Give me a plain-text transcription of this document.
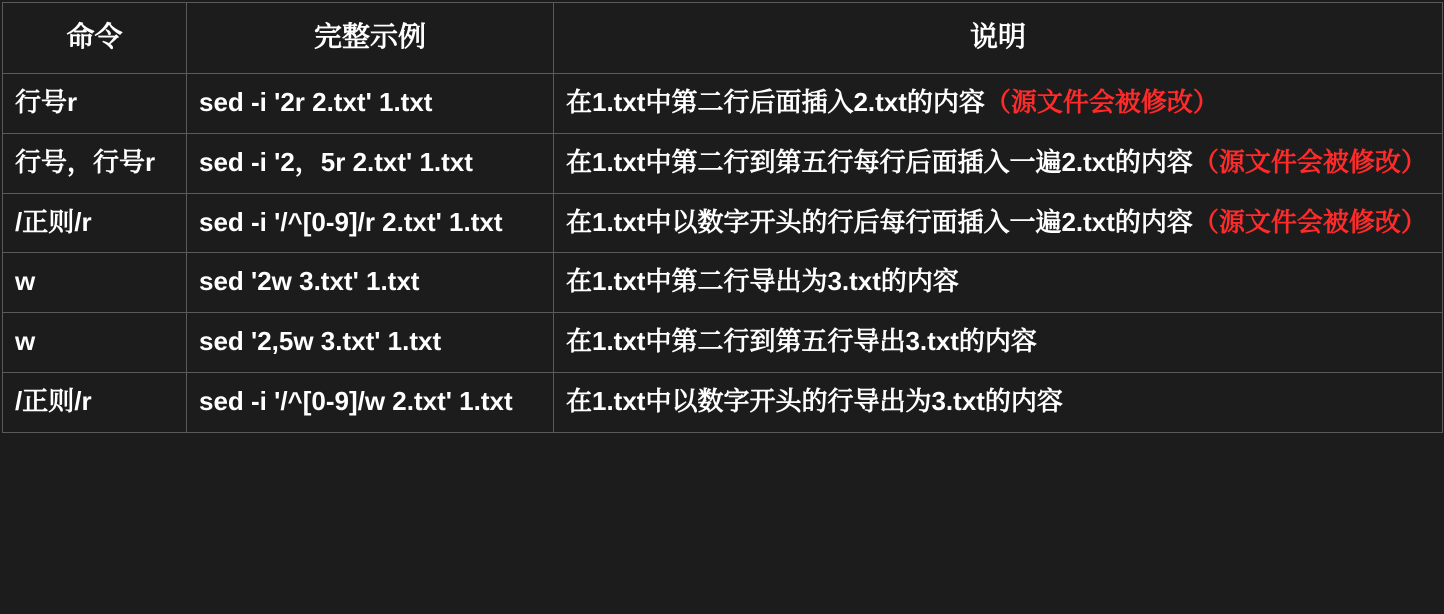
命令	完整示例	说明
行号r	sed -i '2r 2.txt' 1.txt	在1.txt中第二行后面插入2.txt的内容（源文件会被修改）
行号，行号r	sed -i '2，5r 2.txt' 1.txt	在1.txt中第二行到第五行每行后面插入一遍2.txt的内容（源文件会被修改）
/正则/r	sed -i '/^[0-9]/r 2.txt' 1.txt	在1.txt中以数字开头的行后每行面插入一遍2.txt的内容（源文件会被修改）
w	sed '2w 3.txt' 1.txt	在1.txt中第二行导出为3.txt的内容
w	sed '2,5w 3.txt' 1.txt	在1.txt中第二行到第五行导出3.txt的内容
/正则/r	sed -i '/^[0-9]/w 2.txt' 1.txt	在1.txt中以数字开头的行导出为3.txt的内容
